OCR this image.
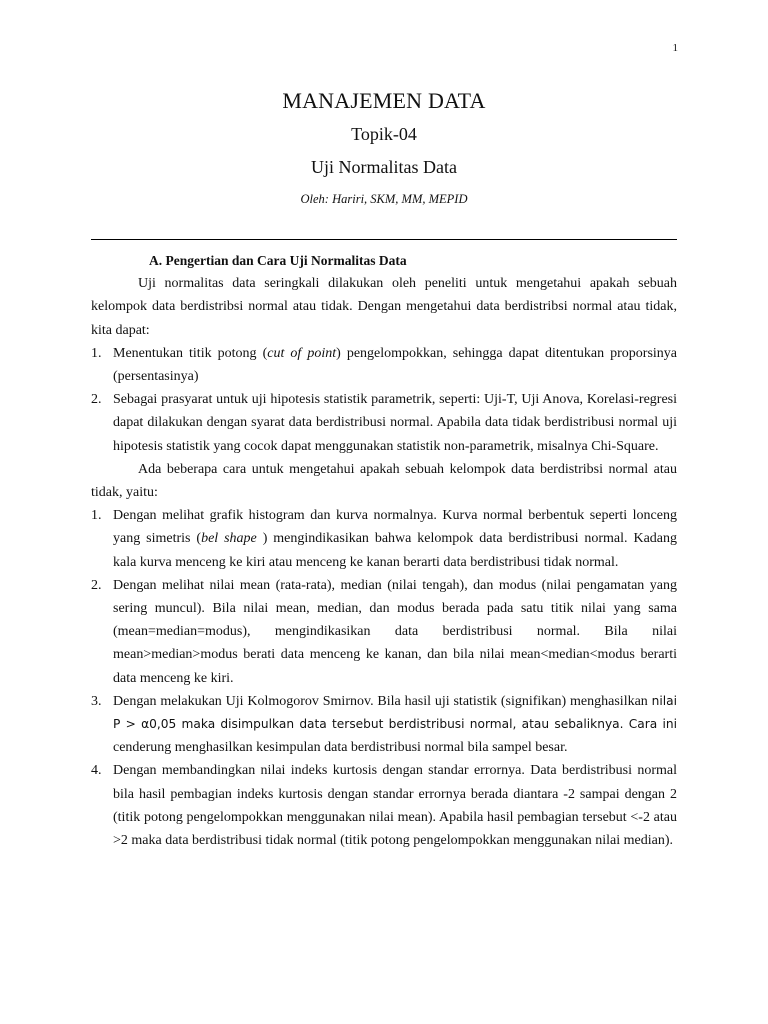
1
MANAJEMEN DATA
Topik-04
Uji Normalitas Data
Oleh: Hariri, SKM, MM, MEPID

A. Pengertian dan Cara Uji Normalitas Data

Uji normalitas data seringkali dilakukan oleh peneliti untuk mengetahui apakah sebuah kelompok data berdistribsi normal atau tidak. Dengan mengetahui data berdistribsi normal atau tidak, kita dapat:

1. Menentukan titik potong (cut of point) pengelompokkan, sehingga dapat ditentukan proporsinya (persentasinya)
2. Sebagai prasyarat untuk uji hipotesis statistik parametrik, seperti: Uji-T, Uji Anova, Korelasi-regresi dapat dilakukan dengan syarat data berdistribusi normal. Apabila data tidak berdistribusi normal uji hipotesis statistik yang cocok dapat menggunakan statistik non-parametrik, misalnya Chi-Square.

Ada beberapa cara untuk mengetahui apakah sebuah kelompok data berdistribsi normal atau tidak, yaitu:

1. Dengan melihat grafik histogram dan kurva normalnya. Kurva normal berbentuk seperti lonceng yang simetris (bel shape ) mengindikasikan bahwa kelompok data berdistribusi normal. Kadang kala kurva menceng ke kiri atau menceng ke kanan berarti data berdistribusi tidak normal.
2. Dengan melihat nilai mean (rata-rata), median (nilai tengah), dan modus (nilai pengamatan yang sering muncul). Bila nilai mean, median, dan modus berada pada satu titik nilai yang sama (mean=median=modus), mengindikasikan data berdistribusi normal. Bila nilai mean>median>modus berati data menceng ke kanan, dan bila nilai mean<median<modus berarti data menceng ke kiri.
3. Dengan melakukan Uji Kolmogorov Smirnov. Bila hasil uji statistik (signifikan) menghasilkan nilai P > α0,05 maka disimpulkan data tersebut berdistribusi normal, atau sebaliknya. Cara ini cenderung menghasilkan kesimpulan data berdistribusi normal bila sampel besar.
4. Dengan membandingkan nilai indeks kurtosis dengan standar errornya. Data berdistribusi normal bila hasil pembagian indeks kurtosis dengan standar errornya berada diantara -2 sampai dengan 2 (titik potong pengelompokkan menggunakan nilai mean). Apabila hasil pembagian tersebut <-2 atau >2 maka data berdistribusi tidak normal (titik potong pengelompokkan menggunakan nilai median).
